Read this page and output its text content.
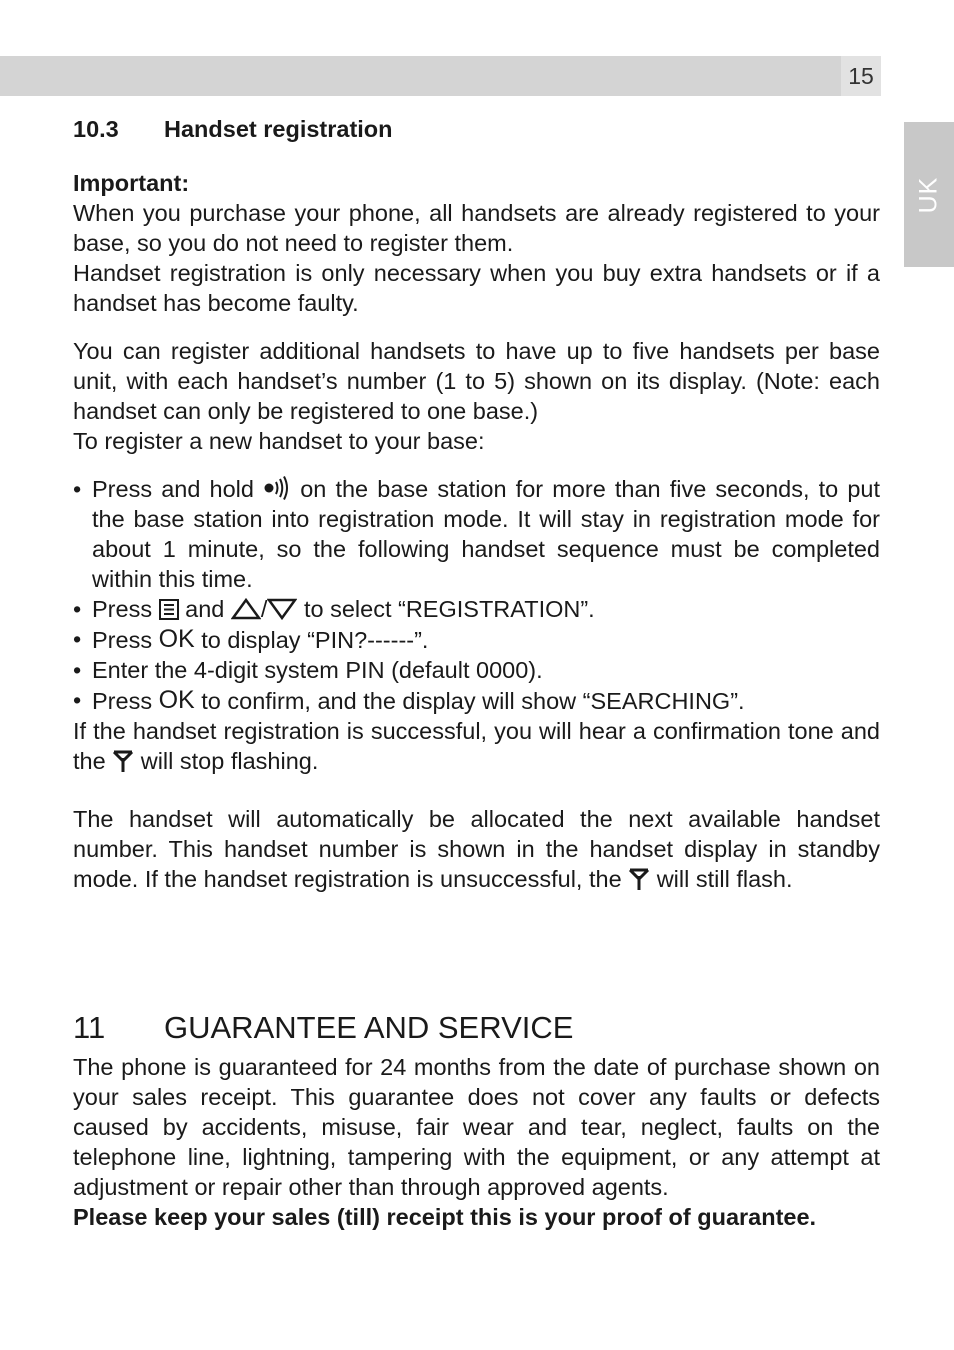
15
UK
10.3	Handset registration

Important:

When you purchase your phone, all handsets are already registered to your base, so you do not need to register them.

Handset registration is only necessary when you buy extra handsets or if a handset has become faulty.

You can register additional handsets to have up to five handsets per base unit, with each handset’s number (1 to 5) shown on its display. (Note: each handset can only be registered to one base.)

To register a new handset to your base:

• Press and hold on the base station for more than five seconds, to put the base station into registration mode. It will stay in registration mode for about 1 minute, so the following handset sequence must be completed within this time.
• Press and / to select “REGISTRATION”.
• Press OK to display “PIN?------”.
• Enter the 4-digit system PIN (default 0000).
• Press OK to confirm, and the display will show “SEARCHING”.

If the handset registration is successful, you will hear a confirmation tone and the will stop flashing.

The handset will automatically be allocated the next available handset number. This handset number is shown in the handset display in standby mode. If the handset registration is unsuccessful, the will still flash.

11	GUARANTEE AND SERVICE

The phone is guaranteed for 24 months from the date of purchase shown on your sales receipt. This guarantee does not cover any faults or defects caused by accidents, misuse, fair wear and tear, neglect, faults on the telephone line, lightning, tampering with the equipment, or any attempt at adjustment or repair other than through approved agents.

Please keep your sales (till) receipt this is your proof of guarantee.
